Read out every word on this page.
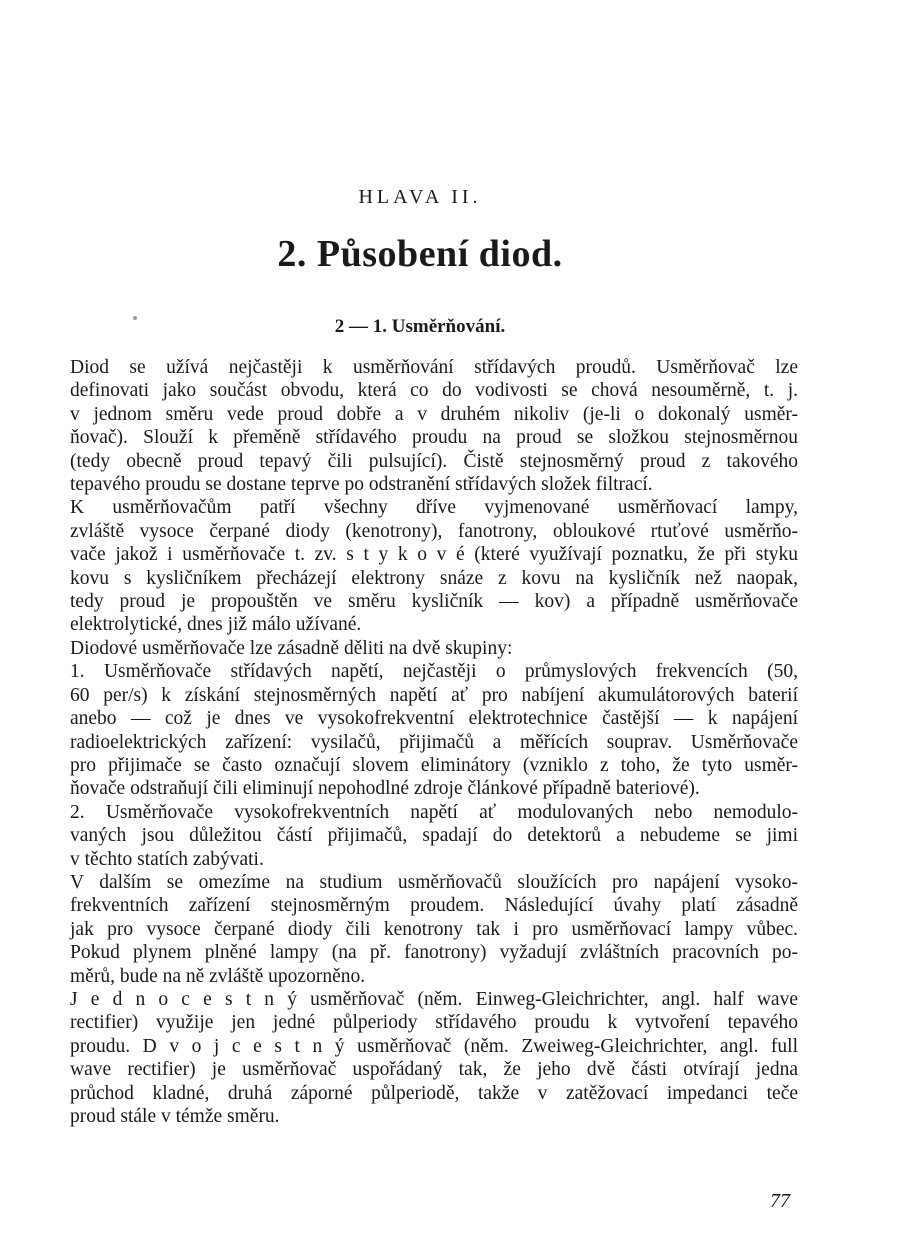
HLAVA II.
2. Působení diod.
2 — 1. Usměrňování.

Diod se užívá nejčastěji k usměrňování střídavých proudů. Usměrňovač lze
definovati jako součást obvodu, která co do vodivosti se chová nesouměrně, t. j.
v jednom směru vede proud dobře a v druhém nikoliv (je-li o dokonalý usměr-
ňovač). Slouží k přeměně střídavého proudu na proud se složkou stejnosměrnou
(tedy obecně proud tepavý čili pulsující). Čistě stejnosměrný proud z takového
tepavého proudu se dostane teprve po odstranění střídavých složek filtrací.

K usměrňovačům patří všechny dříve vyjmenované usměrňovací lampy,
zvláště vysoce čerpané diody (kenotrony), fanotrony, obloukové rtuťové usměrňo-
vače jakož i usměrňovače t. zv. s t y k o v é (které využívají poznatku, že při styku
kovu s kysličníkem přecházejí elektrony snáze z kovu na kysličník než naopak,
tedy proud je propouštěn ve směru kysličník — kov) a případně usměrňovače
elektrolytické, dnes již málo užívané.

Diodové usměrňovače lze zásadně děliti na dvě skupiny:

1. Usměrňovače střídavých napětí, nejčastěji o průmyslových frekvencích (50,
60 per/s) k získání stejnosměrných napětí ať pro nabíjení akumulátorových baterií
anebo — což je dnes ve vysokofrekventní elektrotechnice častější — k napájení
radioelektrických zařízení: vysilačů, přijimačů a měřících souprav. Usměrňovače
pro přijimače se často označují slovem eliminátory (vzniklo z toho, že tyto usměr-
ňovače odstraňují čili eliminují nepohodlné zdroje článkové případně bateriové).

2. Usměrňovače vysokofrekventních napětí ať modulovaných nebo nemodulo-
vaných jsou důležitou částí přijimačů, spadají do detektorů a nebudeme se jimi
v těchto statích zabývati.

V dalším se omezíme na studium usměrňovačů sloužících pro napájení vysoko-
frekventních zařízení stejnosměrným proudem. Následující úvahy platí zásadně
jak pro vysoce čerpané diody čili kenotrony tak i pro usměrňovací lampy vůbec.
Pokud plynem plněné lampy (na př. fanotrony) vyžadují zvláštních pracovních po-
měrů, bude na ně zvláště upozorněno.

J e d n o c e s t n ý usměrňovač (něm. Einweg-Gleichrichter, angl. half wave
rectifier) využije jen jedné půlperiody střídavého proudu k vytvoření tepavého
proudu. D v o j c e s t n ý usměrňovač (něm. Zweiweg-Gleichrichter, angl. full
wave rectifier) je usměrňovač uspořádaný tak, že jeho dvě části otvírají jedna
průchod kladné, druhá záporné půlperiodě, takže v zatěžovací impedanci teče
proud stále v témže směru.

77
